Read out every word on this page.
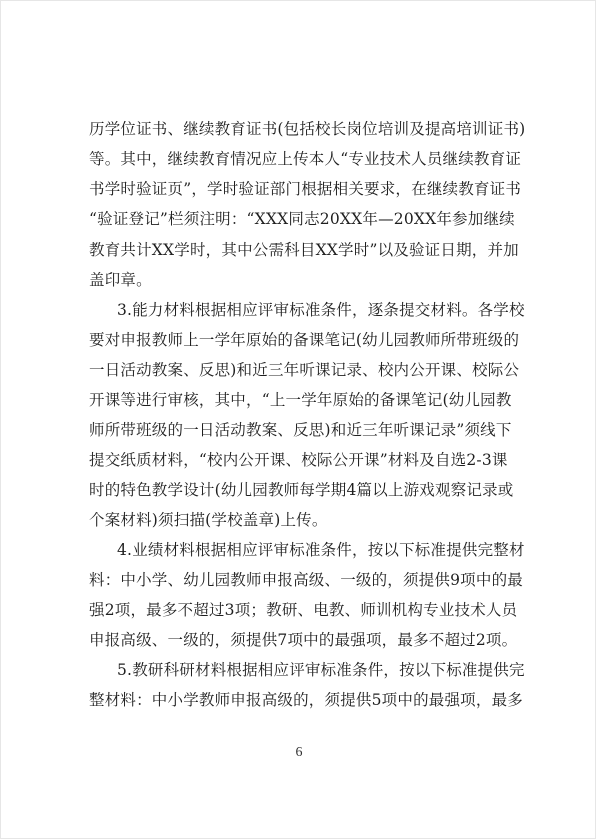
历学位证书、继续教育证书(包括校长岗位培训及提高培训证书)
等。其中，继续教育情况应上传本人“专业技术人员继续教育证
书学时验证页”，学时验证部门根据相关要求，在继续教育证书
“验证登记”栏须注明：“XXX同志20XX年—20XX年参加继续
教育共计XX学时，其中公需科目XX学时”以及验证日期，并加
盖印章。
3.能力材料根据相应评审标准条件，逐条提交材料。各学校
要对申报教师上一学年原始的备课笔记(幼儿园教师所带班级的
一日活动教案、反思)和近三年听课记录、校内公开课、校际公
开课等进行审核，其中，“上一学年原始的备课笔记(幼儿园教
师所带班级的一日活动教案、反思)和近三年听课记录”须线下
提交纸质材料，“校内公开课、校际公开课”材料及自选2-3课
时的特色教学设计(幼儿园教师每学期4篇以上游戏观察记录或
个案材料)须扫描(学校盖章)上传。
4.业绩材料根据相应评审标准条件，按以下标准提供完整材
料：中小学、幼儿园教师申报高级、一级的，须提供9项中的最
强2项，最多不超过3项；教研、电教、师训机构专业技术人员
申报高级、一级的，须提供7项中的最强项，最多不超过2项。
5.教研科研材料根据相应评审标准条件，按以下标准提供完
整材料：中小学教师申报高级的，须提供5项中的最强项，最多
6
